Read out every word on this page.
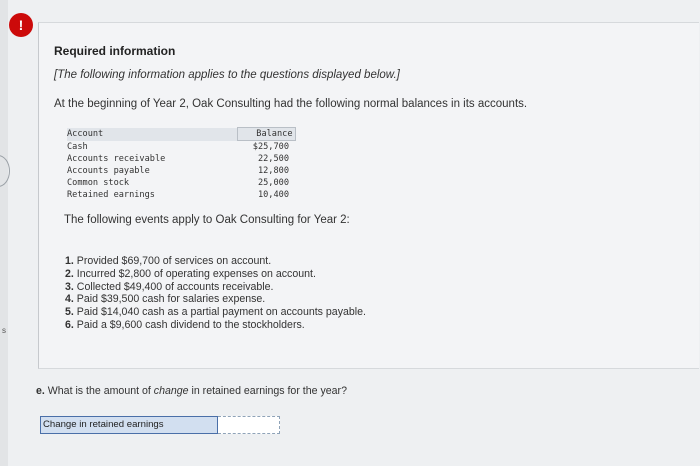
s
!
Required information
[The following information applies to the questions displayed below.]
At the beginning of Year 2, Oak Consulting had the following normal balances in its accounts.
Account	Balance
Cash	$25,700
Accounts receivable	22,500
Accounts payable	12,800
Common stock	25,000
Retained earnings	10,400
The following events apply to Oak Consulting for Year 2:
1. Provided $69,700 of services on account.
2. Incurred $2,800 of operating expenses on account.
3. Collected $49,400 of accounts receivable.
4. Paid $39,500 cash for salaries expense.
5. Paid $14,040 cash as a partial payment on accounts payable.
6. Paid a $9,600 cash dividend to the stockholders.
e. What is the amount of change in retained earnings for the year?
Change in retained earnings
